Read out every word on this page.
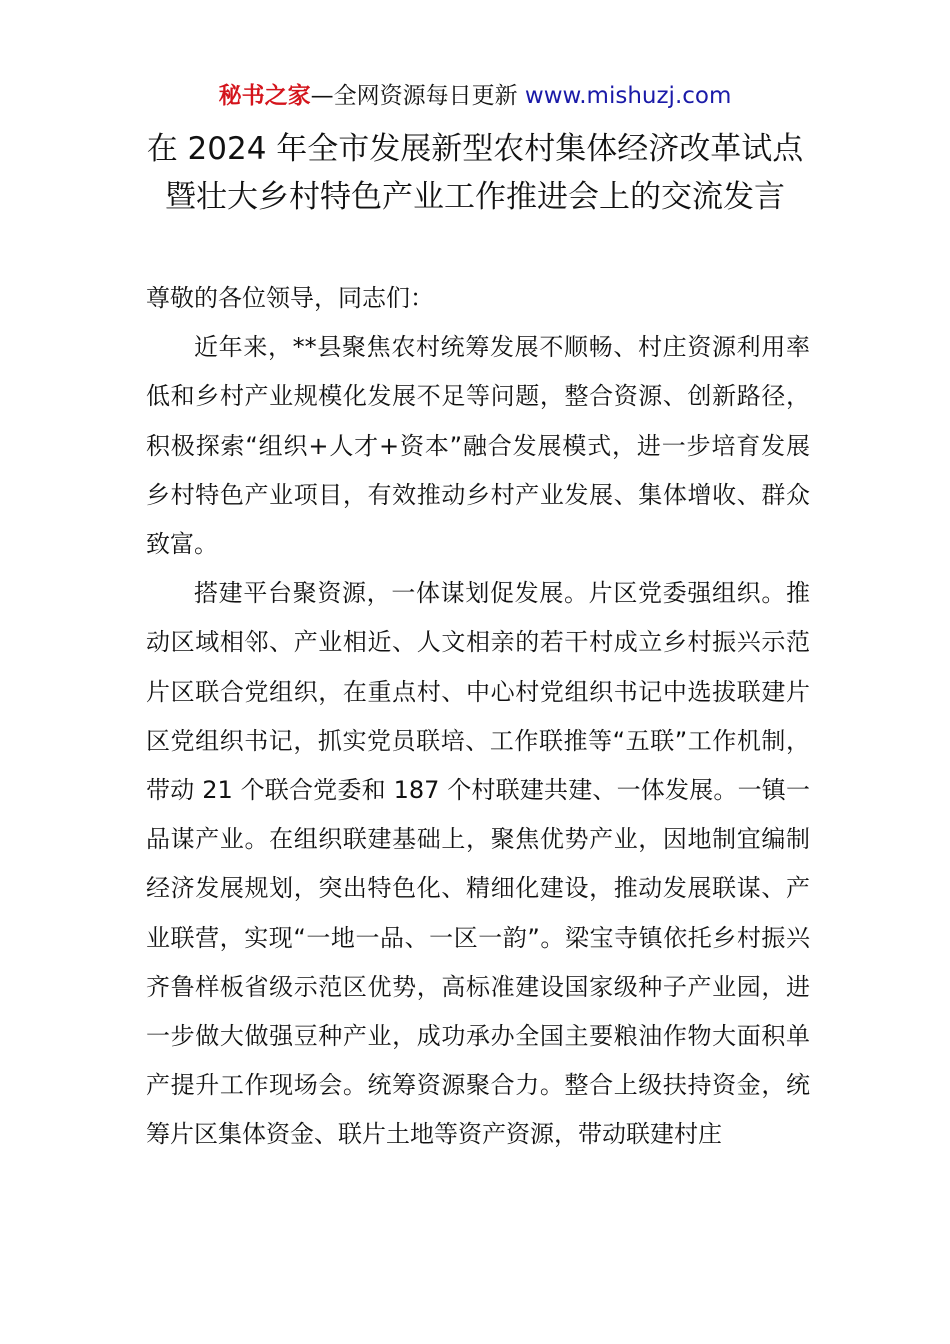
秘书之家—全网资源每日更新 www.mishuzj.com
在 2024 年全市发展新型农村集体经济改革试点
暨壮大乡村特色产业工作推进会上的交流发言

尊敬的各位领导，同志们：

近年来，**县聚焦农村统筹发展不顺畅、村庄资源利用率低和乡村产业规模化发展不足等问题，整合资源、创新路径，积极探索“组织+人才+资本”融合发展模式，进一步培育发展乡村特色产业项目，有效推动乡村产业发展、集体增收、群众致富。

搭建平台聚资源，一体谋划促发展。片区党委强组织。推动区域相邻、产业相近、人文相亲的若干村成立乡村振兴示范片区联合党组织，在重点村、中心村党组织书记中选拔联建片区党组织书记，抓实党员联培、工作联推等“五联”工作机制，带动 21 个联合党委和 187 个村联建共建、一体发展。一镇一品谋产业。在组织联建基础上，聚焦优势产业，因地制宜编制经济发展规划，突出特色化、精细化建设，推动发展联谋、产业联营，实现“一地一品、一区一韵”。梁宝寺镇依托乡村振兴齐鲁样板省级示范区优势，高标准建设国家级种子产业园，进一步做大做强豆种产业，成功承办全国主要粮油作物大面积单产提升工作现场会。统筹资源聚合力。整合上级扶持资金，统筹片区集体资金、联片土地等资产资源，带动联建村庄
